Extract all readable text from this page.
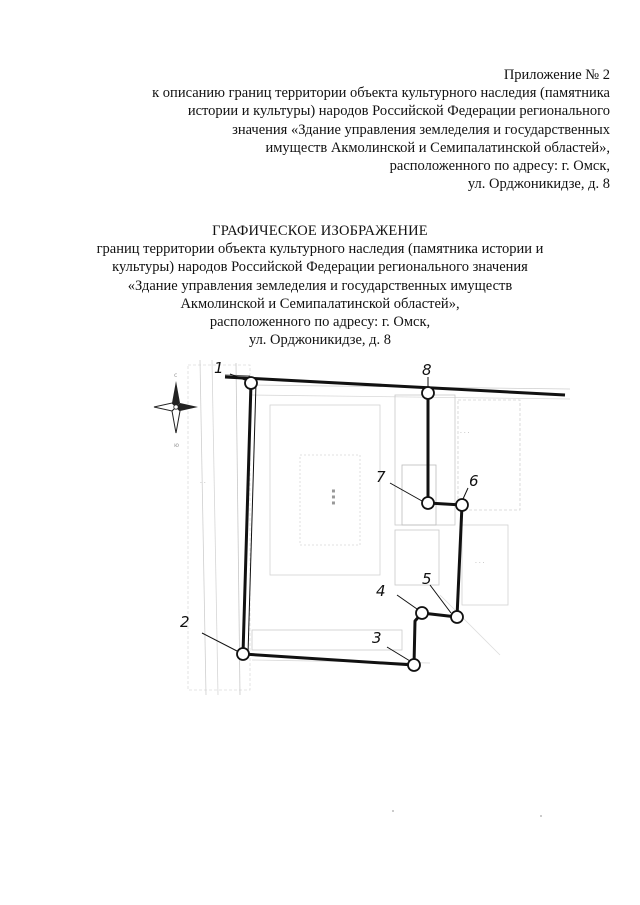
Приложение № 2
к описанию границ территории объекта культурного наследия (памятника
истории и культуры) народов Российской Федерации регионального
значения «Здание управления земледелия и государственных
имуществ Акмолинской и Семипалатинской областей»,
расположенного по адресу: г. Омск,
ул. Орджоникидзе, д. 8
ГРАФИЧЕСКОЕ ИЗОБРАЖЕНИЕ
границ территории объекта культурного наследия (памятника истории и
культуры) народов Российской Федерации регионального значения
«Здание управления земледелия и государственных имуществ
Акмолинской и Семипалатинской областей»,
расположенного по адресу: г. Омск,
ул. Орджоникидзе, д. 8
▪ ▪ ▪
· · ·
· · ·
· ·
с
ю
1
2
3
4
5
6
7
8
